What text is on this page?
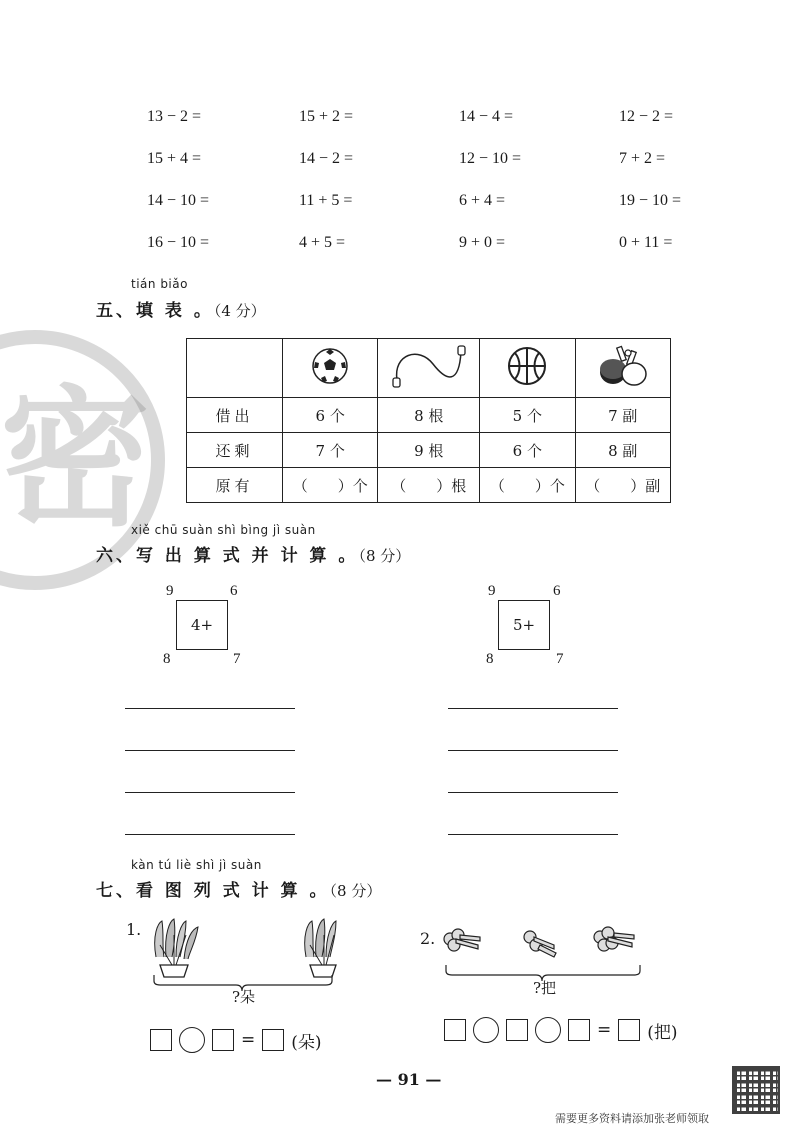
密
13 − 2 =	15 + 2 =	14 − 4 =	12 − 2 =
15 + 4 =	14 − 2 =	12 − 10 =	7 + 2 =
14 − 10 =	11 + 5 =	6 + 4 =	19 − 10 =
16 − 10 =	4 + 5 =	9 + 0 =	0 + 11 =
tián biǎo
五、填 表 。（4 分）

借出	6 个	8 根	5 个	7 副
还剩	7 个	9 根	6 个	8 副
原有	（　　）个	（　　）根	（　　）个	（　　）副
xiě chū suàn shì bìng jì suàn
六、写 出 算 式 并 计 算 。（8 分）
9	6
4+
8	7
9	6
5+
8	7
kàn tú liè shì jì suàn
七、看 图 列 式 计 算 。（8 分）
1.
?朵
= (朵)
2.
?把
= (把)
— 91 —
需要更多资料请添加张老师领取
